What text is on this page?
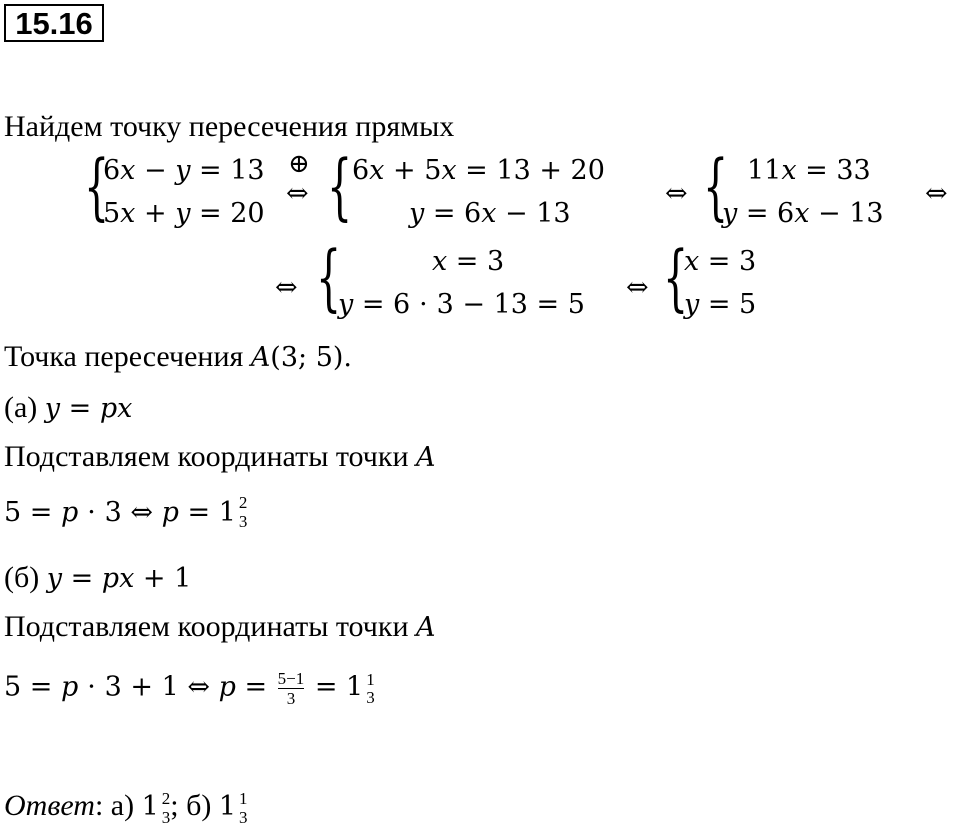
15.16
Найдем точку пересечения прямых
{
6𝑥 − 𝑦 = 13
5𝑥 + 𝑦 = 20
⊕
⇔ { 6𝑥 + 5𝑥 = 13 + 20
𝑦 = 6𝑥 − 13
⇔ { 11𝑥 = 33
𝑦 = 6𝑥 − 13
⇔
⇔ {	𝑥 = 3
𝑦 = 6 ⋅ 3 − 13 = 5
⇔ {
𝑥 = 3
𝑦 = 5
Точка пересечения 𝐴(3; 5).
(а) 𝑦 = 𝑝𝑥
Подставляем координаты точки 𝐴
5 = 𝑝 ⋅ 3 ⇔ 𝑝 = 1 2
3
(б) 𝑦 = 𝑝𝑥 + 1
Подставляем координаты точки 𝐴
5 = 𝑝 ⋅ 3 + 1 ⇔ 𝑝 = $\frac{5-1}{3} = 1$ 1
3
Ответ: а) 1 2
3 ; б) 1 1
3
